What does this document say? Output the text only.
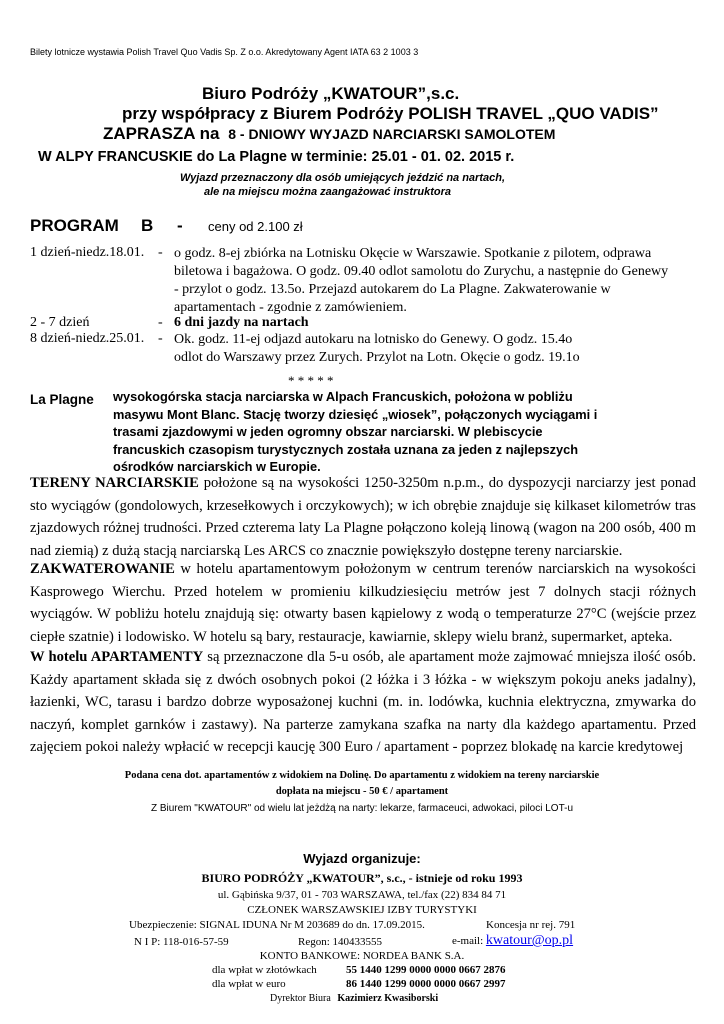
Bilety lotnicze wystawia Polish Travel Quo Vadis Sp. Z o.o. Akredytowany Agent IATA 63 2 1003 3
Biuro Podróży „KWATOUR”,s.c.
przy współpracy z Biurem Podróży POLISH TRAVEL „QUO VADIS”
ZAPRASZA na 8 - DNIOWY WYJAZD NARCIARSKI SAMOLOTEM
W ALPY FRANCUSKIE do La Plagne w terminie: 25.01 - 01. 02. 2015 r.
Wyjazd przeznaczony dla osób umiejących jeździć na nartach,
ale na miejscu można zaangażować instruktora
PROGRAM B - ceny od 2.100 zł
1 dzień-niedz.18.01. - o godz. 8-ej zbiórka na Lotnisku Okęcie w Warszawie. Spotkanie z pilotem, odprawa
biletowa i bagażowa. O godz. 09.40 odlot samolotu do Zurychu, a następnie do Genewy
- przylot o godz. 13.5o. Przejazd autokarem do La Plagne. Zakwaterowanie w
apartamentach - zgodnie z zamówieniem.
2 - 7 dzień	- 6 dni jazdy na nartach
8 dzień-niedz.25.01. - Ok. godz. 11-ej odjazd autokaru na lotnisko do Genewy. O godz. 15.4o
odlot do Warszawy przez Zurych. Przylot na Lotn. Okęcie o godz. 19.1o
* * * * *
La Plagne wysokogórska stacja narciarska w Alpach Francuskich, położona w pobliżu
masywu Mont Blanc. Stację tworzy dziesięć „wiosek”, połączonych wyciągami i
trasami zjazdowymi w jeden ogromny obszar narciarski. W plebiscycie
francuskich czasopism turystycznych została uznana za jeden z najlepszych
ośrodków narciarskich w Europie.
TERENY NARCIARSKIE położone są na wysokości 1250-3250m n.p.m., do dyspozycji narciarzy jest ponad sto wyciągów (gondolowych, krzesełkowych i orczykowych); w ich obrębie znajduje się kilkaset kilometrów tras zjazdowych różnej trudności. Przed czterema laty La Plagne połączono koleją linową (wagon na 200 osób, 400 m nad ziemią) z dużą stacją narciarską Les ARCS co znacznie powiększyło dostępne tereny narciarskie.
ZAKWATEROWANIE w hotelu apartamentowym położonym w centrum terenów narciarskich na wysokości Kasprowego Wierchu. Przed hotelem w promieniu kilkudziesięciu metrów jest 7 dolnych stacji różnych wyciągów. W pobliżu hotelu znajdują się: otwarty basen kąpielowy z wodą o temperaturze 27°C (wejście przez ciepłe szatnie) i lodowisko. W hotelu są bary, restauracje, kawiarnie, sklepy wielu branż, supermarket, apteka.
W hotelu APARTAMENTY są przeznaczone dla 5-u osób, ale apartament może zajmować mniejsza ilość osób. Każdy apartament składa się z dwóch osobnych pokoi (2 łóżka i 3 łóżka - w większym pokoju aneks jadalny), łazienki, WC, tarasu i bardzo dobrze wyposażonej kuchni (m. in. lodówka, kuchnia elektryczna, zmywarka do naczyń, komplet garnków i zastawy). Na parterze zamykana szafka na narty dla każdego apartamentu. Przed zajęciem pokoi należy wpłacić w recepcji kaucję 300 Euro / apartament - poprzez blokadę na karcie kredytowej
Podana cena dot. apartamentów z widokiem na Dolinę. Do apartamentu z widokiem na tereny narciarskie
dopłata na miejscu - 50 € / apartament
Z Biurem "KWATOUR" od wielu lat jeżdżą na narty: lekarze, farmaceuci, adwokaci, piloci LOT-u
Wyjazd organizuje:
BIURO PODRÓŻY „KWATOUR”, s.c., - istnieje od roku 1993
ul. Gąbińska 9/37, 01 - 703 WARSZAWA, tel./fax (22) 834 84 71
CZŁONEK WARSZAWSKIEJ IZBY TURYSTYKI
Ubezpieczenie: SIGNAL IDUNA Nr M 203689 do dn. 17.09.2015.	Koncesja nr rej. 791
N I P: 118-016-57-59	Regon: 140433555	e-mail: kwatour@op.pl
KONTO BANKOWE: NORDEA BANK S.A.
dla wpłat w złotówkach	55 1440 1299 0000 0000 0667 2876
dla wpłat w euro	86 1440 1299 0000 0000 0667 2997
Dyrektor Biura Kazimierz Kwasiborski
